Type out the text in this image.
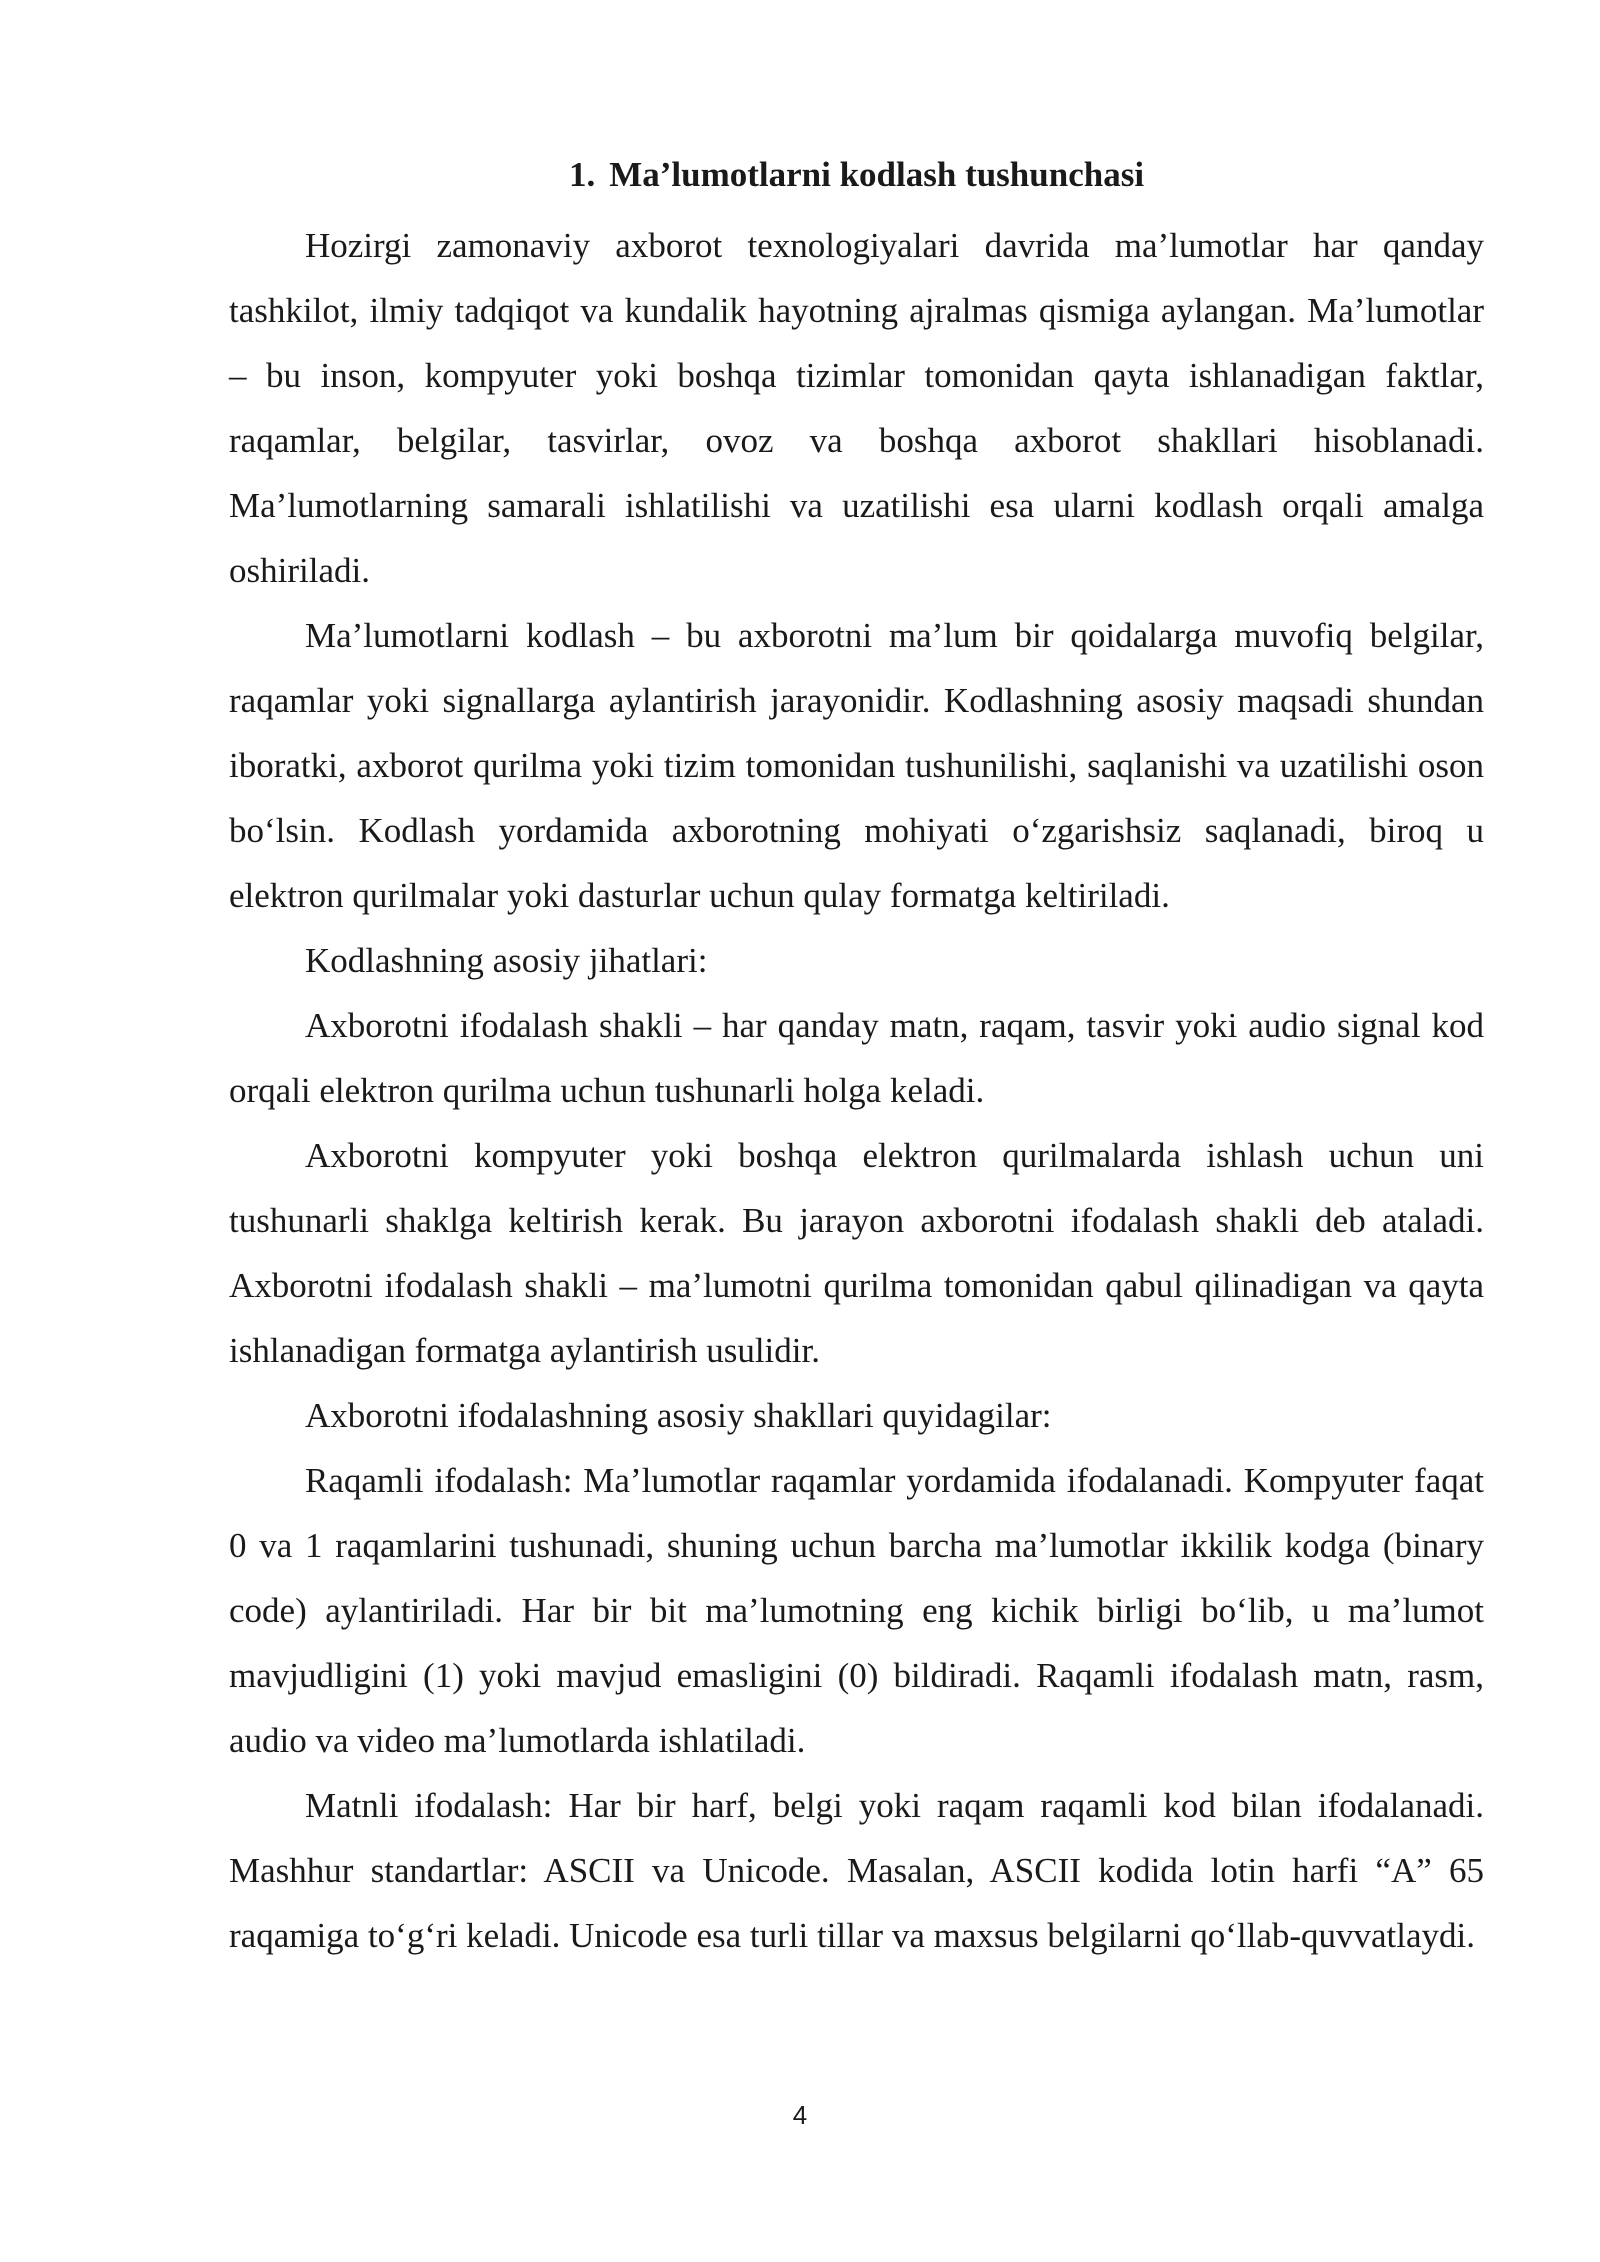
1. Ma’lumotlarni kodlash tushunchasi

Hozirgi zamonaviy axborot texnologiyalari davrida ma’lumotlar har qanday tashkilot, ilmiy tadqiqot va kundalik hayotning ajralmas qismiga aylangan. Ma’lumotlar – bu inson, kompyuter yoki boshqa tizimlar tomonidan qayta ishlanadigan faktlar, raqamlar, belgilar, tasvirlar, ovoz va boshqa axborot shakllari hisoblanadi. Ma’lumotlarning samarali ishlatilishi va uzatilishi esa ularni kodlash orqali amalga oshiriladi.

Ma’lumotlarni kodlash – bu axborotni ma’lum bir qoidalarga muvofiq belgilar, raqamlar yoki signallarga aylantirish jarayonidir. Kodlashning asosiy maqsadi shundan iboratki, axborot qurilma yoki tizim tomonidan tushunilishi, saqlanishi va uzatilishi oson bo‘lsin. Kodlash yordamida axborotning mohiyati o‘zgarishsiz saqlanadi, biroq u elektron qurilmalar yoki dasturlar uchun qulay formatga keltiriladi.

Kodlashning asosiy jihatlari:

Axborotni ifodalash shakli – har qanday matn, raqam, tasvir yoki audio signal kod orqali elektron qurilma uchun tushunarli holga keladi.

Axborotni kompyuter yoki boshqa elektron qurilmalarda ishlash uchun uni tushunarli shaklga keltirish kerak. Bu jarayon axborotni ifodalash shakli deb ataladi. Axborotni ifodalash shakli – ma’lumotni qurilma tomonidan qabul qilinadigan va qayta ishlanadigan formatga aylantirish usulidir.

Axborotni ifodalashning asosiy shakllari quyidagilar:

Raqamli ifodalash: Ma’lumotlar raqamlar yordamida ifodalanadi. Kompyuter faqat 0 va 1 raqamlarini tushunadi, shuning uchun barcha ma’lumotlar ikkilik kodga (binary code) aylantiriladi. Har bir bit ma’lumotning eng kichik birligi bo‘lib, u ma’lumot mavjudligini (1) yoki mavjud emasligini (0) bildiradi. Raqamli ifodalash matn, rasm, audio va video ma’lumotlarda ishlatiladi.

Matnli ifodalash: Har bir harf, belgi yoki raqam raqamli kod bilan ifodalanadi. Mashhur standartlar: ASCII va Unicode. Masalan, ASCII kodida lotin harfi “A” 65 raqamiga to‘g‘ri keladi. Unicode esa turli tillar va maxsus belgilarni qo‘llab-quvvatlaydi.

4
